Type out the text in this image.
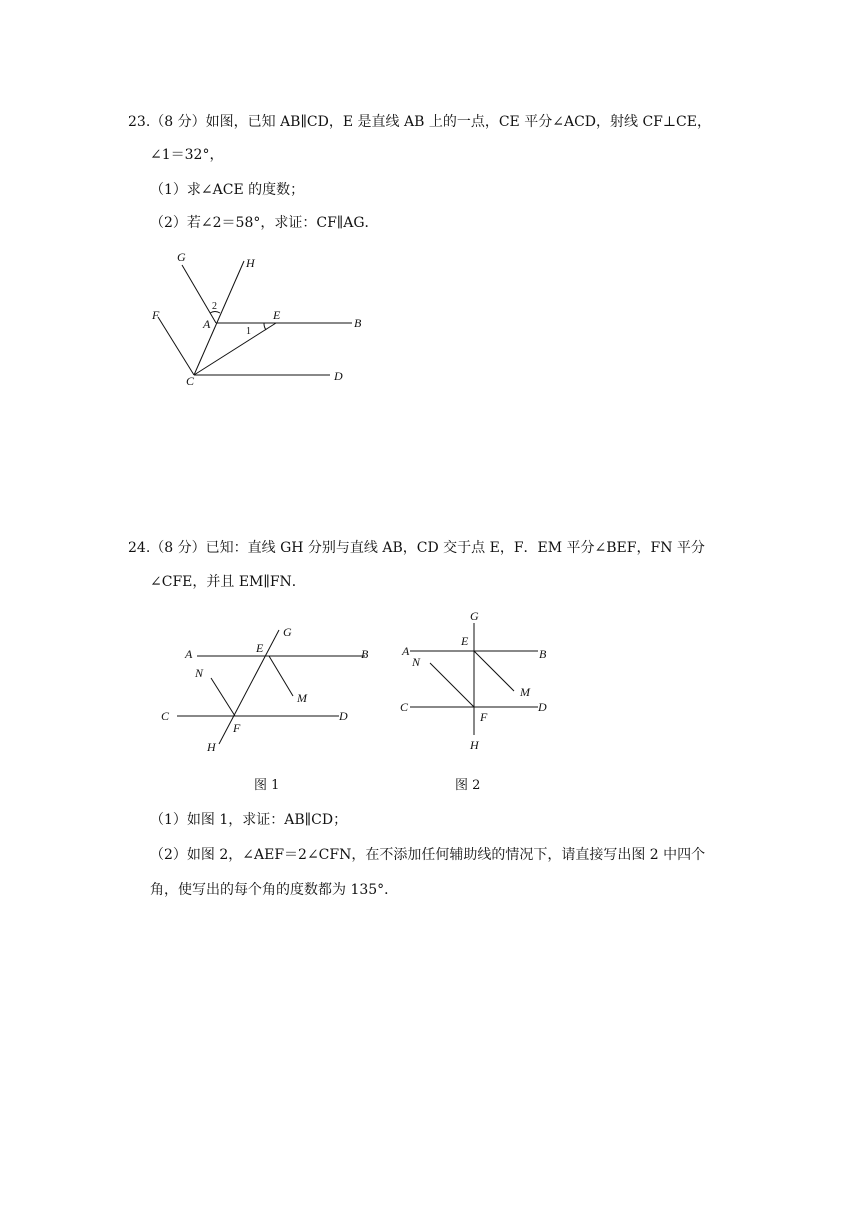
23.（8 分）如图，已知 AB∥CD，E 是直线 AB 上的一点，CE 平分∠ACD，射线 CF⊥CE，
∠1＝32°，
（1）求∠ACE 的度数；
（2）若∠2＝58°，求证：CF∥AG．
G	H
F
A
E
B
C	D
2
1
24.（8 分）已知：直线 GH 分别与直线 AB，CD 交于点 E，F．EM 平分∠BEF，FN 平分
∠CFE，并且 EM∥FN．
A	B
C	D
E
F
G
H
M
N
图 1
A	B
C	D
E
F
G
H
M
N
图 2
（1）如图 1，求证：AB∥CD；
（2）如图 2，∠AEF＝2∠CFN，在不添加任何辅助线的情况下，请直接写出图 2 中四个
角，使写出的每个角的度数都为 135°．
